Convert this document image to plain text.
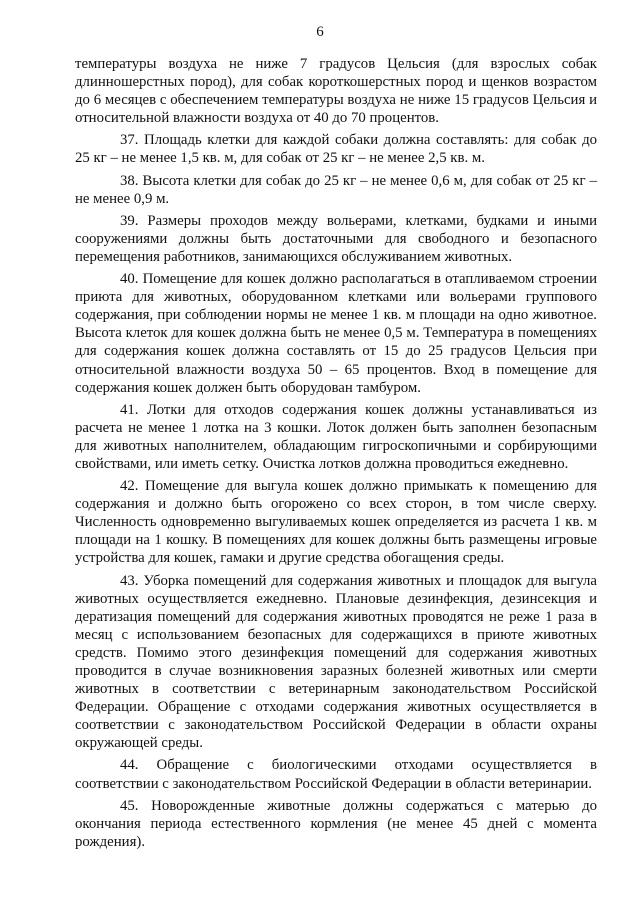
6

температуры воздуха не ниже 7 градусов Цельсия (для взрослых собак длинношерстных пород), для собак короткошерстных пород и щенков возрастом до 6 месяцев с обеспечением температуры воздуха не ниже 15 градусов Цельсия и относительной влажности воздуха от 40 до 70 процентов.

37. Площадь клетки для каждой собаки должна составлять: для собак до 25 кг – не менее 1,5 кв. м, для собак от 25 кг – не менее 2,5 кв. м.

38. Высота клетки для собак до 25 кг – не менее 0,6 м, для собак от 25 кг – не менее 0,9 м.

39. Размеры проходов между вольерами, клетками, будками и иными сооружениями должны быть достаточными для свободного и безопасного перемещения работников, занимающихся обслуживанием животных.

40. Помещение для кошек должно располагаться в отапливаемом строении приюта для животных, оборудованном клетками или вольерами группового содержания, при соблюдении нормы не менее 1 кв. м площади на одно животное. Высота клеток для кошек должна быть не менее 0,5 м. Температура в помещениях для содержания кошек должна составлять от 15 до 25 градусов Цельсия при относительной влажности воздуха 50 – 65 процентов. Вход в помещение для содержания кошек должен быть оборудован тамбуром.

41. Лотки для отходов содержания кошек должны устанавливаться из расчета не менее 1 лотка на 3 кошки. Лоток должен быть заполнен безопасным для животных наполнителем, обладающим гигроскопичными и сорбирующими свойствами, или иметь сетку. Очистка лотков должна проводиться ежедневно.

42. Помещение для выгула кошек должно примыкать к помещению для содержания и должно быть огорожено со всех сторон, в том числе сверху. Численность одновременно выгуливаемых кошек определяется из расчета 1 кв. м площади на 1 кошку. В помещениях для кошек должны быть размещены игровые устройства для кошек, гамаки и другие средства обогащения среды.

43. Уборка помещений для содержания животных и площадок для выгула животных осуществляется ежедневно. Плановые дезинфекция, дезинсекция и дератизация помещений для содержания животных проводятся не реже 1 раза в месяц с использованием безопасных для содержащихся в приюте животных средств. Помимо этого дезинфекция помещений для содержания животных проводится в случае возникновения заразных болезней животных или смерти животных в соответствии с ветеринарным законодательством Российской Федерации. Обращение с отходами содержания животных осуществляется в соответствии с законодательством Российской Федерации в области охраны окружающей среды.

44. Обращение с биологическими отходами осуществляется в соответствии с законодательством Российской Федерации в области ветеринарии.

45. Новорожденные животные должны содержаться с матерью до окончания периода естественного кормления (не менее 45 дней с момента рождения).
